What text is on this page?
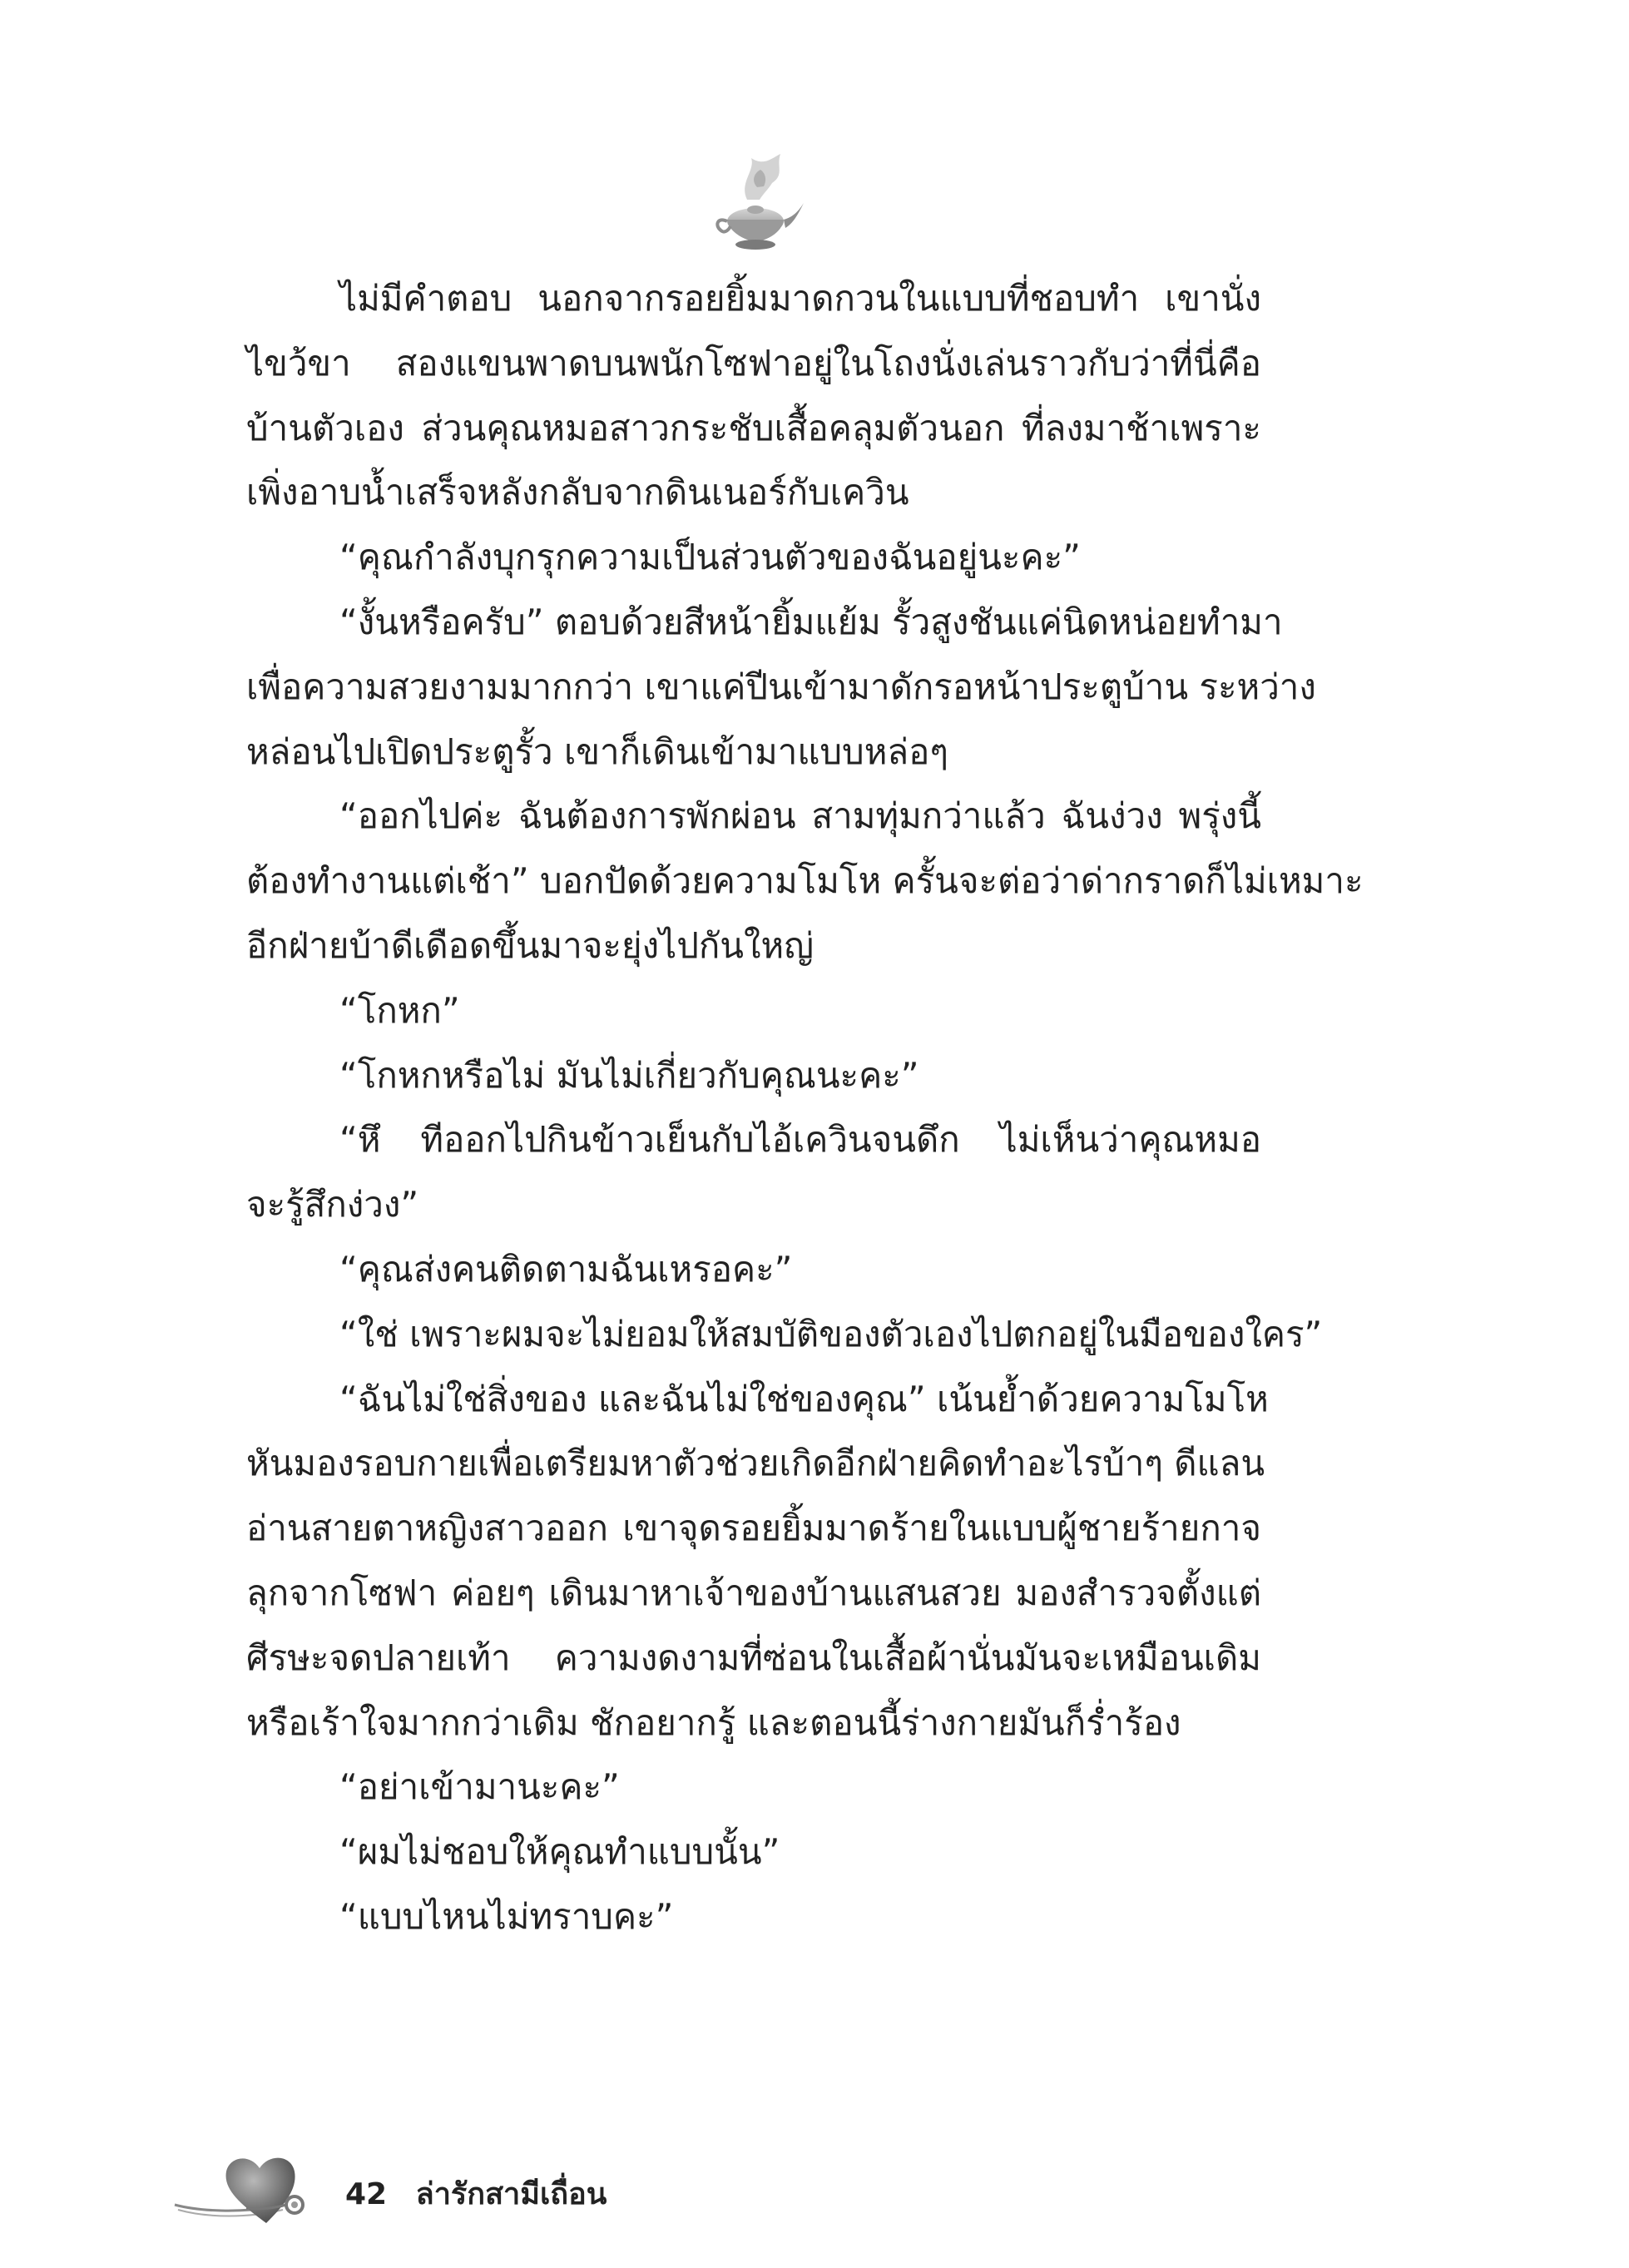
ไม่มีคำตอบ นอกจากรอยยิ้มมาดกวนในแบบที่ชอบทำ เขานั่ง

ไขว้ขา สองแขนพาดบนพนักโซฟาอยู่ในโถงนั่งเล่นราวกับว่าที่นี่คือ

บ้านตัวเอง ส่วนคุณหมอสาวกระชับเสื้อคลุมตัวนอก ที่ลงมาช้าเพราะ

เพิ่งอาบน้ำเสร็จหลังกลับจากดินเนอร์กับเควิน

“คุณกำลังบุกรุกความเป็นส่วนตัวของฉันอยู่นะคะ”

“งั้นหรือครับ” ตอบด้วยสีหน้ายิ้มแย้ม รั้วสูงชันแค่นิดหน่อยทำมา

เพื่อความสวยงามมากกว่า เขาแค่ปีนเข้ามาดักรอหน้าประตูบ้าน ระหว่าง

หล่อนไปเปิดประตูรั้ว เขาก็เดินเข้ามาแบบหล่อๆ

“ออกไปค่ะ ฉันต้องการพักผ่อน สามทุ่มกว่าแล้ว ฉันง่วง พรุ่งนี้

ต้องทำงานแต่เช้า” บอกปัดด้วยความโมโห ครั้นจะต่อว่าด่ากราดก็ไม่เหมาะ

อีกฝ่ายบ้าดีเดือดขึ้นมาจะยุ่งไปกันใหญ่

“โกหก”

“โกหกหรือไม่ มันไม่เกี่ยวกับคุณนะคะ”

“หึ ทีออกไปกินข้าวเย็นกับไอ้เควินจนดึก ไม่เห็นว่าคุณหมอ

จะรู้สึกง่วง”

“คุณส่งคนติดตามฉันเหรอคะ”

“ใช่ เพราะผมจะไม่ยอมให้สมบัติของตัวเองไปตกอยู่ในมือของใคร”

“ฉันไม่ใช่สิ่งของ และฉันไม่ใช่ของคุณ” เน้นย้ำด้วยความโมโห

หันมองรอบกายเพื่อเตรียมหาตัวช่วยเกิดอีกฝ่ายคิดทำอะไรบ้าๆ ดีแลน

อ่านสายตาหญิงสาวออก เขาจุดรอยยิ้มมาดร้ายในแบบผู้ชายร้ายกาจ

ลุกจากโซฟา ค่อยๆ เดินมาหาเจ้าของบ้านแสนสวย มองสำรวจตั้งแต่

ศีรษะจดปลายเท้า ความงดงามที่ซ่อนในเสื้อผ้านั่นมันจะเหมือนเดิม

หรือเร้าใจมากกว่าเดิม ชักอยากรู้ และตอนนี้ร่างกายมันก็ร่ำร้อง

“อย่าเข้ามานะคะ”

“ผมไม่ชอบให้คุณทำแบบนั้น”

“แบบไหนไม่ทราบคะ”

42 ล่ารักสามีเถื่อน
